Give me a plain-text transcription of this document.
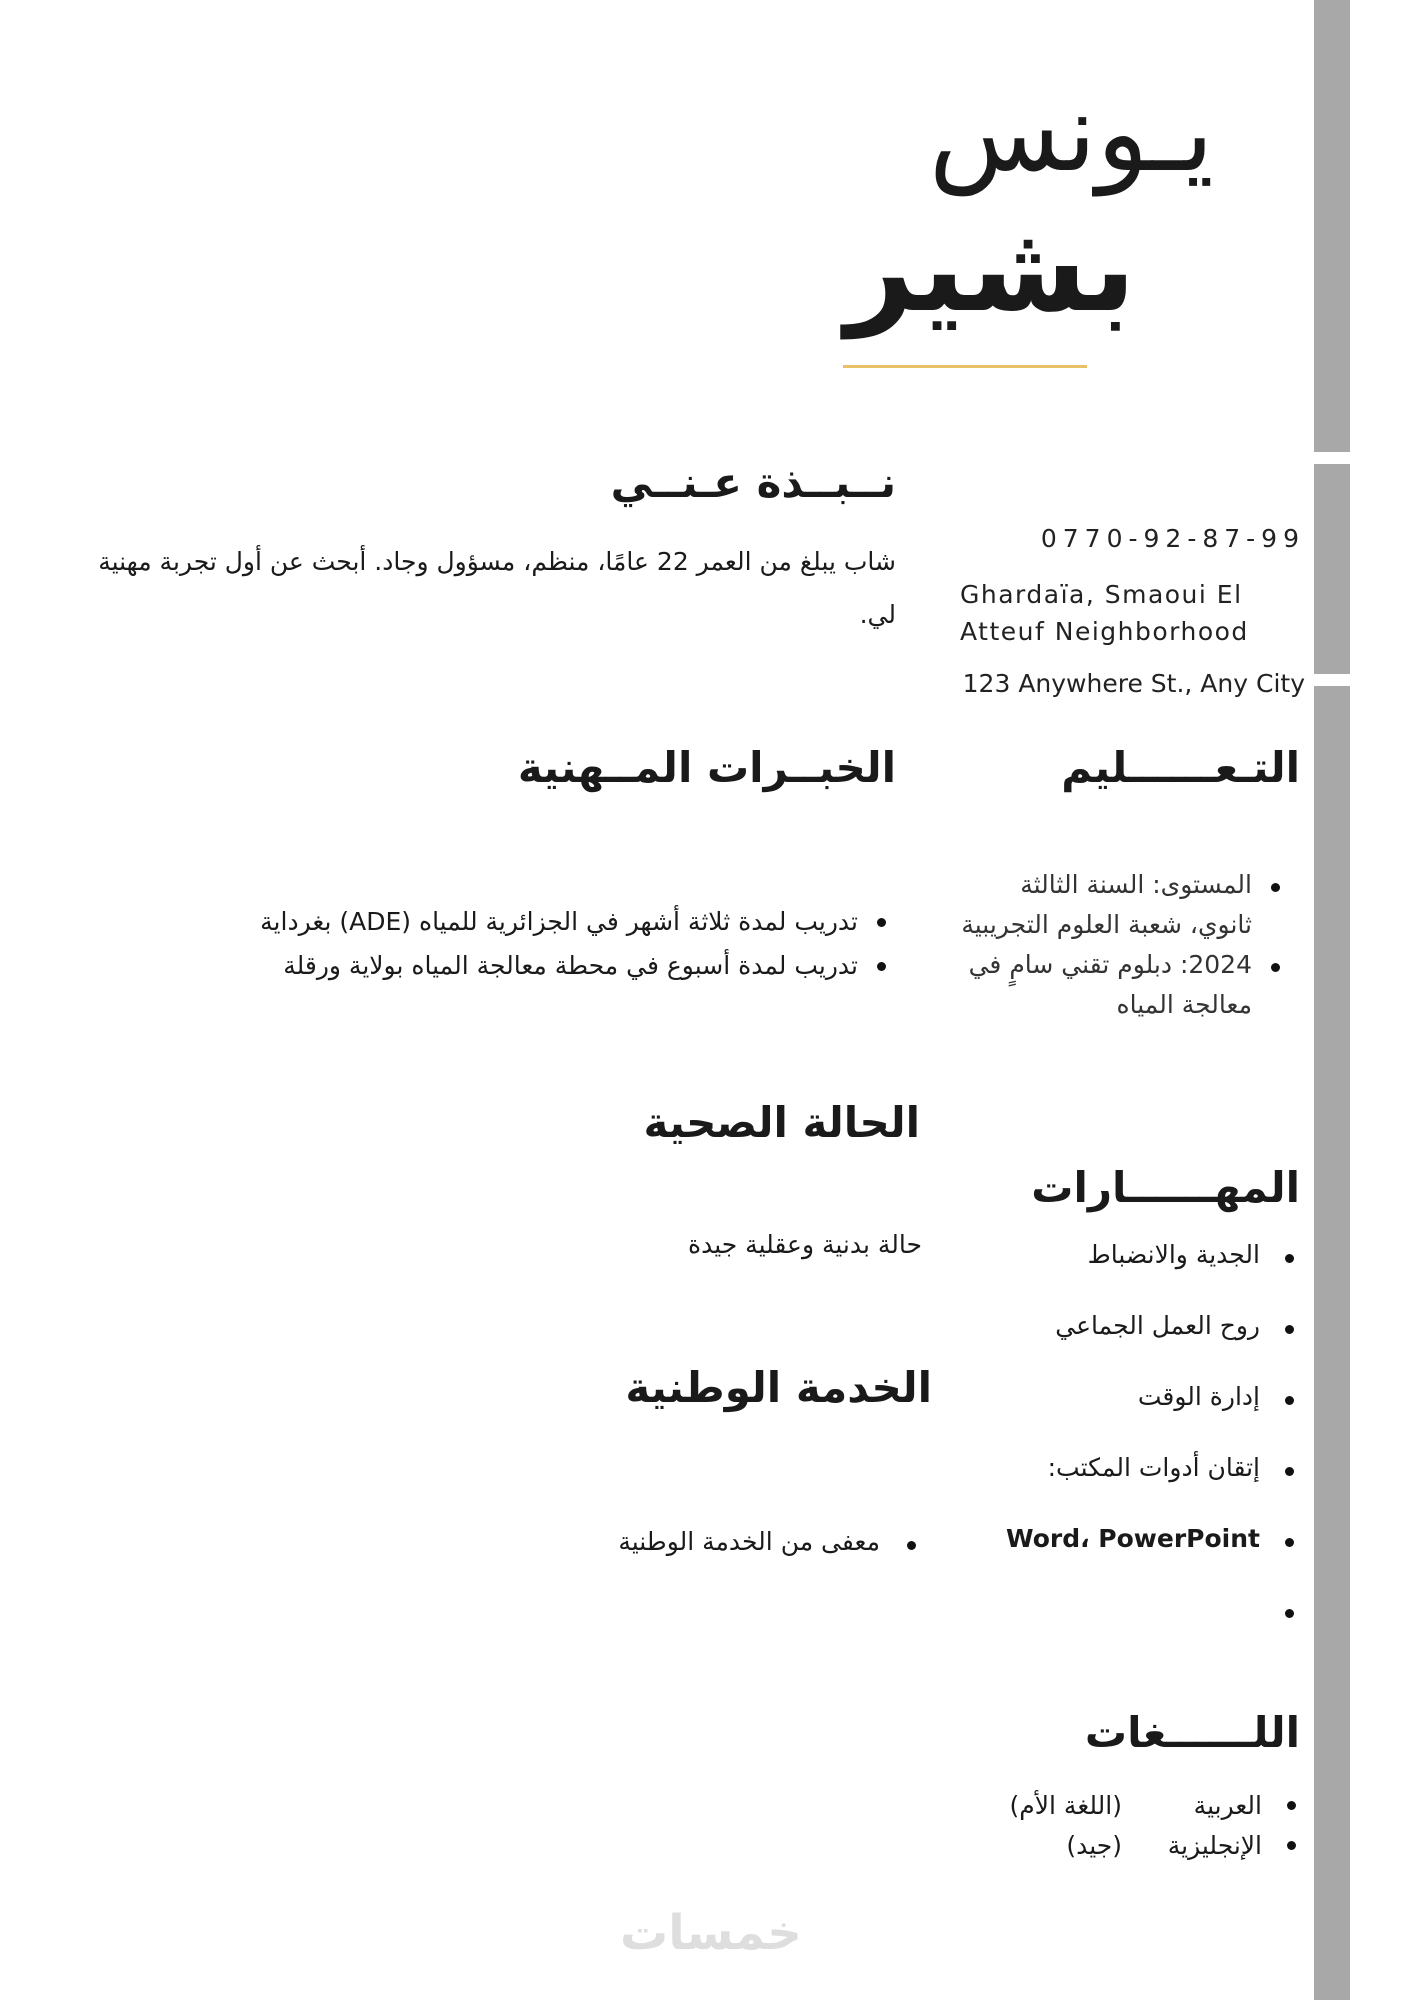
يـونس
بشير
نــبــذة عـنــي
شاب يبلغ من العمر 22 عامًا، منظم، مسؤول وجاد. أبحث عن أول تجربة مهنية لي.
0770-92-87-99
Ghardaïa, Smaoui El Atteuf Neighborhood
123 Anywhere St., Any City
الخبــرات المــهنية
تدريب لمدة ثلاثة أشهر في الجزائرية للمياه (ADE) بغرداية
تدريب لمدة أسبوع في محطة معالجة المياه بولاية ورقلة
التـعــــــليم
المستوى: السنة الثالثة ثانوي، شعبة العلوم التجريبية
2024: دبلوم تقني سامٍ في معالجة المياه
الحالة الصحية
حالة بدنية وعقلية جيدة
المهــــــارات
الجدية والانضباط
روح العمل الجماعي
إدارة الوقت
إتقان أدوات المكتب:
Word، PowerPoint
الخدمة الوطنية
معفى من الخدمة الوطنية
اللــــــغات
العربية
(اللغة الأم)
الإنجليزية
(جيد)
خمسات
